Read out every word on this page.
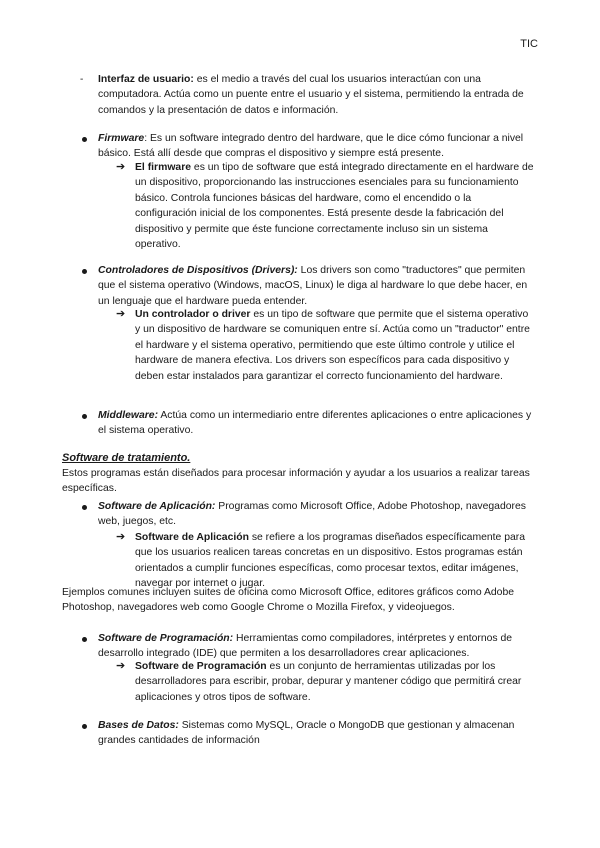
TIC
- Interfaz de usuario: es el medio a través del cual los usuarios interactúan con una computadora. Actúa como un puente entre el usuario y el sistema, permitiendo la entrada de comandos y la presentación de datos e información.
Firmware: Es un software integrado dentro del hardware, que le dice cómo funcionar a nivel básico. Está allí desde que compras el dispositivo y siempre está presente.
➔ El firmware es un tipo de software que está integrado directamente en el hardware de un dispositivo, proporcionando las instrucciones esenciales para su funcionamiento básico. Controla funciones básicas del hardware, como el encendido o la configuración inicial de los componentes. Está presente desde la fabricación del dispositivo y permite que éste funcione correctamente incluso sin un sistema operativo.
Controladores de Dispositivos (Drivers): Los drivers son como "traductores" que permiten que el sistema operativo (Windows, macOS, Linux) le diga al hardware lo que debe hacer, en un lenguaje que el hardware pueda entender.
➔ Un controlador o driver es un tipo de software que permite que el sistema operativo y un dispositivo de hardware se comuniquen entre sí. Actúa como un "traductor" entre el hardware y el sistema operativo, permitiendo que este último controle y utilice el hardware de manera efectiva. Los drivers son específicos para cada dispositivo y deben estar instalados para garantizar el correcto funcionamiento del hardware.
Middleware: Actúa como un intermediario entre diferentes aplicaciones o entre aplicaciones y el sistema operativo.
Software de tratamiento.
Estos programas están diseñados para procesar información y ayudar a los usuarios a realizar tareas específicas.
Software de Aplicación: Programas como Microsoft Office, Adobe Photoshop, navegadores web, juegos, etc.
➔ Software de Aplicación se refiere a los programas diseñados específicamente para que los usuarios realicen tareas concretas en un dispositivo. Estos programas están orientados a cumplir funciones específicas, como procesar textos, editar imágenes, navegar por internet o jugar.
Ejemplos comunes incluyen suites de oficina como Microsoft Office, editores gráficos como Adobe Photoshop, navegadores web como Google Chrome o Mozilla Firefox, y videojuegos.
Software de Programación: Herramientas como compiladores, intérpretes y entornos de desarrollo integrado (IDE) que permiten a los desarrolladores crear aplicaciones.
➔ Software de Programación es un conjunto de herramientas utilizadas por los desarrolladores para escribir, probar, depurar y mantener código que permitirá crear aplicaciones y otros tipos de software.
Bases de Datos: Sistemas como MySQL, Oracle o MongoDB que gestionan y almacenan grandes cantidades de información
